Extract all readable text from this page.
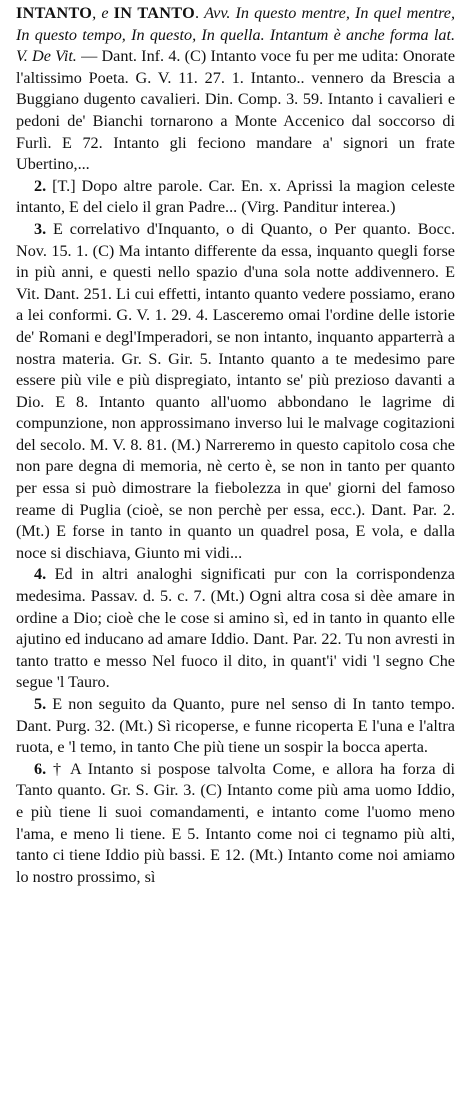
INTANTO, e IN TANTO. Avv. In questo mentre, In quel mentre, In questo tempo, In questo, In quella. Intantum è anche forma lat. V. De Vit. — Dant. Inf. 4. (C) Intanto voce fu per me udita: Onorate l'altissimo Poeta. G. V. 11. 27. 1. Intanto.. vennero da Brescia a Buggiano dugento cavalieri. Din. Comp. 3. 59. Intanto i cavalieri e pedoni de' Bianchi tornarono a Monte Accenico dal soccorso di Furlì. E 72. Intanto gli feciono mandare a' signori un frate Ubertino,...

2. [T.] Dopo altre parole. Car. En. x. Aprissi la magion celeste intanto, E del cielo il gran Padre... (Virg. Panditur interea.)

3. E correlativo d'Inquanto, o di Quanto, o Per quanto. Bocc. Nov. 15. 1. (C) Ma intanto differente da essa, inquanto quegli forse in più anni, e questi nello spazio d'una sola notte addivennero. E Vit. Dant. 251. Li cui effetti, intanto quanto vedere possiamo, erano a lei conformi. G. V. 1. 29. 4. Lasceremo omai l'ordine delle istorie de' Romani e degl'Imperadori, se non intanto, inquanto apparterrà a nostra materia. Gr. S. Gir. 5. Intanto quanto a te medesimo pare essere più vile e più dispregiato, intanto se' più prezioso davanti a Dio. E 8. Intanto quanto all'uomo abbondano le lagrime di compunzione, non approssimano inverso lui le malvage cogitazioni del secolo. M. V. 8. 81. (M.) Narreremo in questo capitolo cosa che non pare degna di memoria, nè certo è, se non in tanto per quanto per essa si può dimostrare la fiebolezza in que' giorni del famoso reame di Puglia (cioè, se non perchè per essa, ecc.). Dant. Par. 2. (Mt.) E forse in tanto in quanto un quadrel posa, E vola, e dalla noce si dischiava, Giunto mi vidi...

4. Ed in altri analoghi significati pur con la corrispondenza medesima. Passav. d. 5. c. 7. (Mt.) Ogni altra cosa si dèe amare in ordine a Dio; cioè che le cose si amino sì, ed in tanto in quanto elle ajutino ed inducano ad amare Iddio. Dant. Par. 22. Tu non avresti in tanto tratto e messo Nel fuoco il dito, in quant'i' vidi 'l segno Che segue 'l Tauro.

5. E non seguito da Quanto, pure nel senso di In tanto tempo. Dant. Purg. 32. (Mt.) Sì ricoperse, e funne ricoperta E l'una e l'altra ruota, e 'l temo, in tanto Che più tiene un sospir la bocca aperta.

6. † A Intanto si pospose talvolta Come, e allora ha forza di Tanto quanto. Gr. S. Gir. 3. (C) Intanto come più ama uomo Iddio, e più tiene li suoi comandamenti, e intanto come l'uomo meno l'ama, e meno li tiene. E 5. Intanto come noi ci tegnamo più alti, tanto ci tiene Iddio più bassi. E 12. (Mt.) Intanto come noi amiamo lo nostro prossimo, sì
